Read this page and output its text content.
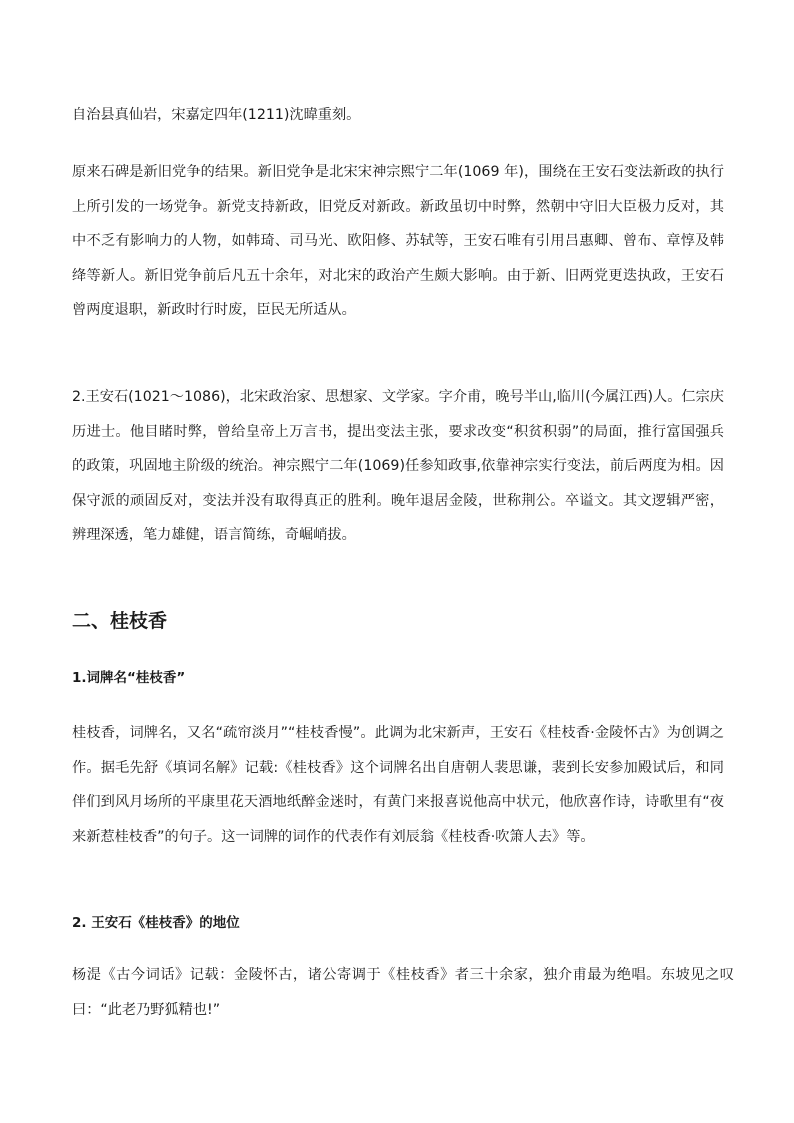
自治县真仙岩，宋嘉定四年(1211)沈暐重刻。

原来石碑是新旧党争的结果。新旧党争是北宋宋神宗熙宁二年(1069 年)，围绕在王安石变法新政的执行上所引发的一场党争。新党支持新政，旧党反对新政。新政虽切中时弊，然朝中守旧大臣极力反对，其中不乏有影响力的人物，如韩琦、司马光、欧阳修、苏轼等，王安石唯有引用吕惠卿、曾布、章惇及韩绛等新人。新旧党争前后凡五十余年，对北宋的政治产生颇大影响。由于新、旧两党更迭执政，王安石曾两度退职，新政时行时废，臣民无所适从。

2.王安石(1021～1086)，北宋政治家、思想家、文学家。字介甫，晚号半山,临川(今属江西)人。仁宗庆历进士。他目睹时弊，曾给皇帝上万言书，提出变法主张，要求改变“积贫积弱”的局面，推行富国强兵的政策，巩固地主阶级的统治。神宗熙宁二年(1069)任参知政事,依靠神宗实行变法，前后两度为相。因保守派的顽固反对，变法并没有取得真正的胜利。晚年退居金陵，世称荆公。卒谥文。其文逻辑严密，辨理深透，笔力雄健，语言简练，奇崛峭拔。

二、桂枝香
1.词牌名“桂枝香”

桂枝香，词牌名，又名“疏帘淡月”“桂枝香慢”。此调为北宋新声，王安石《桂枝香·金陵怀古》为创调之作。据毛先舒《填词名解》记载:《桂枝香》这个词牌名出自唐朝人裴思谦，裴到长安参加殿试后，和同伴们到风月场所的平康里花天酒地纸醉金迷时，有黄门来报喜说他高中状元，他欣喜作诗，诗歌里有“夜来新惹桂枝香”的句子。这一词牌的词作的代表作有刘辰翁《桂枝香·吹箫人去》等。

2. 王安石《桂枝香》的地位

杨湜《古今词话》记载：金陵怀古，诸公寄调于《桂枝香》者三十余家，独介甫最为绝唱。东坡见之叹曰：“此老乃野狐精也!”
